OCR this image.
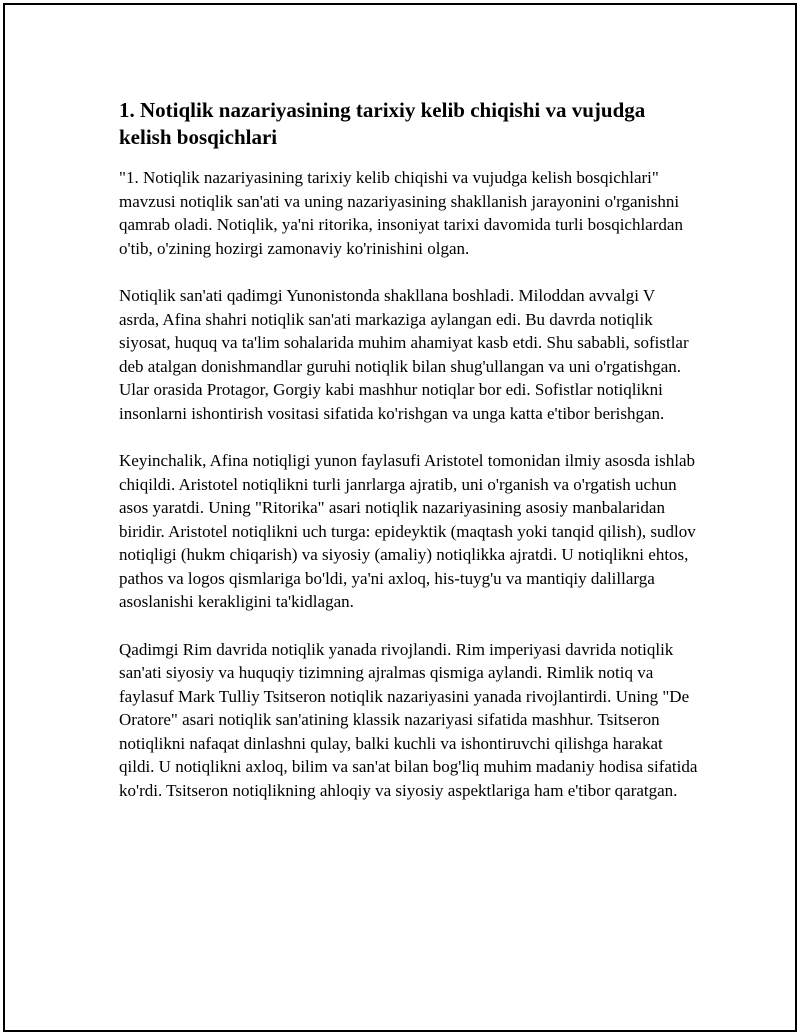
1. Notiqlik nazariyasining tarixiy kelib chiqishi va vujudga kelish bosqichlari

"1. Notiqlik nazariyasining tarixiy kelib chiqishi va vujudga kelish bosqichlari" mavzusi notiqlik san'ati va uning nazariyasining shakllanish jarayonini o'rganishni qamrab oladi. Notiqlik, ya'ni ritorika, insoniyat tarixi davomida turli bosqichlardan o'tib, o'zining hozirgi zamonaviy ko'rinishini olgan.

Notiqlik san'ati qadimgi Yunonistonda shakllana boshladi. Miloddan avvalgi V asrda, Afina shahri notiqlik san'ati markaziga aylangan edi. Bu davrda notiqlik siyosat, huquq va ta'lim sohalarida muhim ahamiyat kasb etdi. Shu sababli, sofistlar deb atalgan donishmandlar guruhi notiqlik bilan shug'ullangan va uni o'rgatishgan. Ular orasida Protagor, Gorgiy kabi mashhur notiqlar bor edi. Sofistlar notiqlikni insonlarni ishontirish vositasi sifatida ko'rishgan va unga katta e'tibor berishgan.

Keyinchalik, Afina notiqligi yunon faylasufi Aristotel tomonidan ilmiy asosda ishlab chiqildi. Aristotel notiqlikni turli janrlarga ajratib, uni o'rganish va o'rgatish uchun asos yaratdi. Uning "Ritorika" asari notiqlik nazariyasining asosiy manbalaridan biridir. Aristotel notiqlikni uch turga: epideyktik (maqtash yoki tanqid qilish), sudlov notiqligi (hukm chiqarish) va siyosiy (amaliy) notiqlikka ajratdi. U notiqlikni ehtos, pathos va logos qismlariga bo'ldi, ya'ni axloq, his-tuyg'u va mantiqiy dalillarga asoslanishi kerakligini ta'kidlagan.

Qadimgi Rim davrida notiqlik yanada rivojlandi. Rim imperiyasi davrida notiqlik san'ati siyosiy va huquqiy tizimning ajralmas qismiga aylandi. Rimlik notiq va faylasuf Mark Tulliy Tsitseron notiqlik nazariyasini yanada rivojlantirdi. Uning "De Oratore" asari notiqlik san'atining klassik nazariyasi sifatida mashhur. Tsitseron notiqlikni nafaqat dinlashni qulay, balki kuchli va ishontiruvchi qilishga harakat qildi. U notiqlikni axloq, bilim va san'at bilan bog'liq muhim madaniy hodisa sifatida ko'rdi. Tsitseron notiqlikning ahloqiy va siyosiy aspektlariga ham e'tibor qaratgan.
